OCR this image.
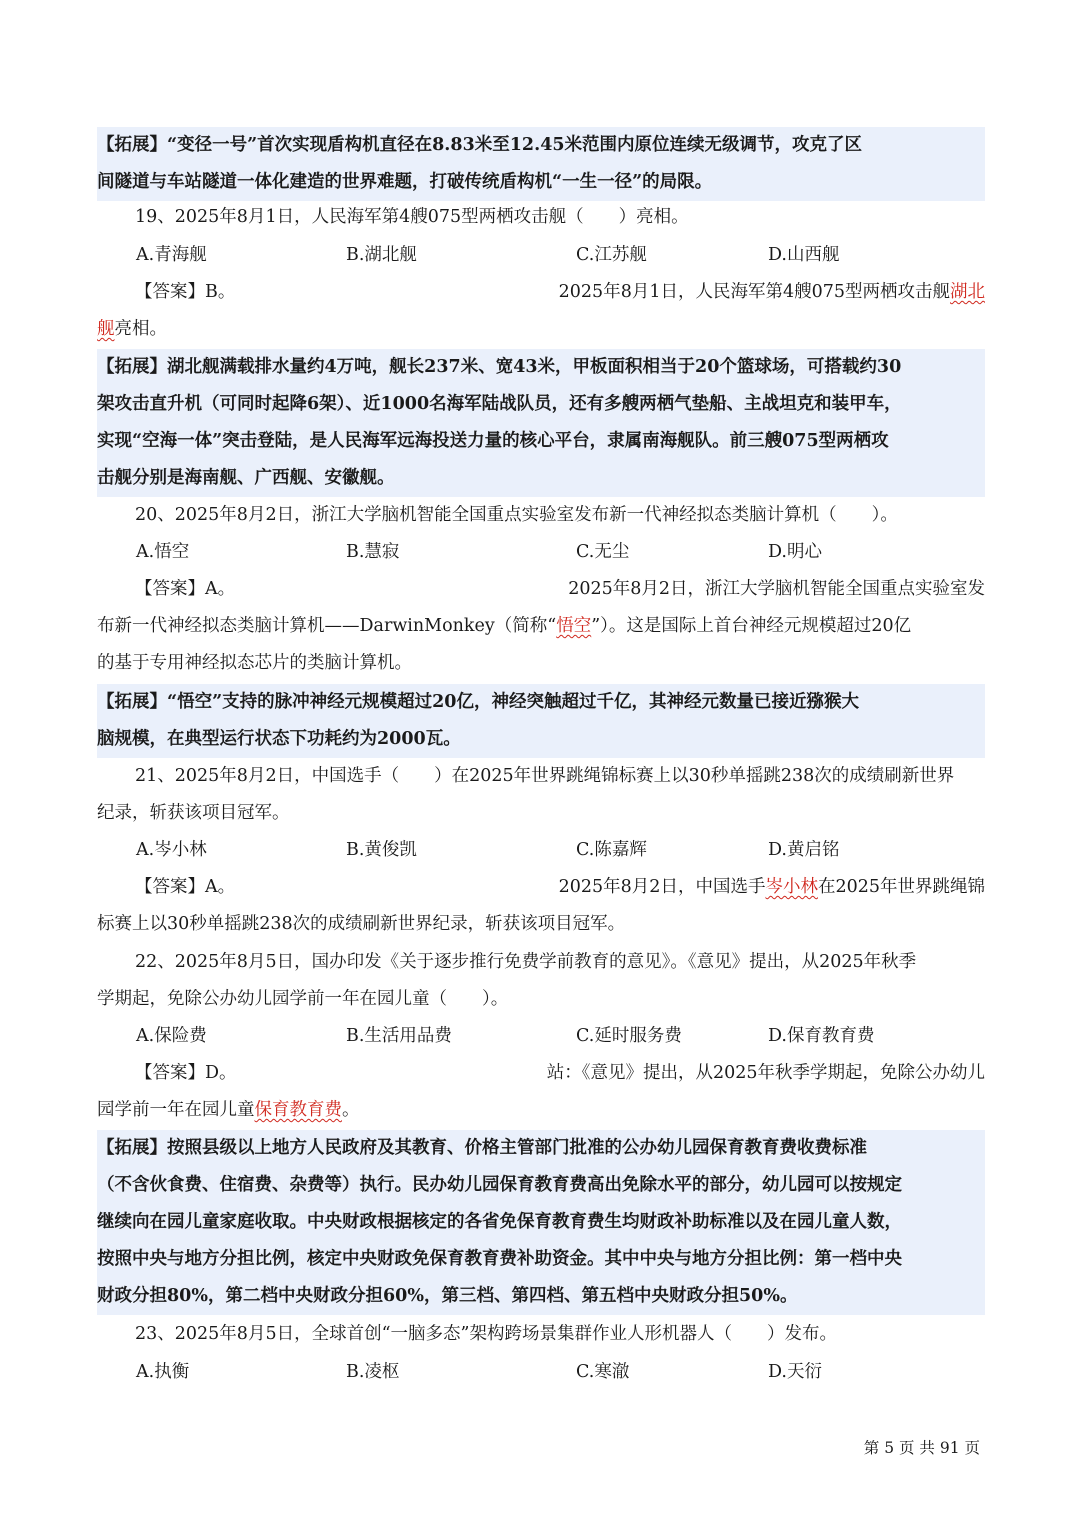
【拓展】“变径一号”首次实现盾构机直径在8.83米至12.45米范围内原位连续无级调节，攻克了区

间隧道与车站隧道一体化建造的世界难题，打破传统盾构机“一生一径”的局限。

19、2025年8月1日，人民海军第4艘075型两栖攻击舰（　　）亮相。

A.青海舰	B.湖北舰	C.江苏舰	D.山西舰
【答案】B。	2025年8月1日，人民海军第4艘075型两栖攻击舰湖北
舰亮相。

【拓展】湖北舰满载排水量约4万吨，舰长237米、宽43米，甲板面积相当于20个篮球场，可搭载约30

架攻击直升机（可同时起降6架）、近1000名海军陆战队员，还有多艘两栖气垫船、主战坦克和装甲车，

实现“空海一体”突击登陆，是人民海军远海投送力量的核心平台，隶属南海舰队。前三艘075型两栖攻

击舰分别是海南舰、广西舰、安徽舰。

20、2025年8月2日，浙江大学脑机智能全国重点实验室发布新一代神经拟态类脑计算机（　　）。

A.悟空	B.慧寂	C.无尘	D.明心
【答案】A。	2025年8月2日，浙江大学脑机智能全国重点实验室发
布新一代神经拟态类脑计算机——DarwinMonkey（简称“悟空”）。这是国际上首台神经元规模超过20亿
的基于专用神经拟态芯片的类脑计算机。

【拓展】“悟空”支持的脉冲神经元规模超过20亿，神经突触超过千亿，其神经元数量已接近猕猴大

脑规模，在典型运行状态下功耗约为2000瓦。

21、2025年8月2日，中国选手（　　）在2025年世界跳绳锦标赛上以30秒单摇跳238次的成绩刷新世界

纪录，斩获该项目冠军。

A.岑小林	B.黄俊凯	C.陈嘉辉	D.黄启铭
【答案】A。	2025年8月2日，中国选手岑小林在2025年世界跳绳锦
标赛上以30秒单摇跳238次的成绩刷新世界纪录，斩获该项目冠军。

22、2025年8月5日，国办印发《关于逐步推行免费学前教育的意见》。《意见》提出，从2025年秋季

学期起，免除公办幼儿园学前一年在园儿童（　　）。

A.保险费	B.生活用品费	C.延时服务费	D.保育教育费
【答案】D。	站：《意见》提出，从2025年秋季学期起，免除公办幼儿
园学前一年在园儿童保育教育费。

【拓展】按照县级以上地方人民政府及其教育、价格主管部门批准的公办幼儿园保育教育费收费标准

（不含伙食费、住宿费、杂费等）执行。民办幼儿园保育教育费高出免除水平的部分，幼儿园可以按规定

继续向在园儿童家庭收取。中央财政根据核定的各省免保育教育费生均财政补助标准以及在园儿童人数，

按照中央与地方分担比例，核定中央财政免保育教育费补助资金。其中中央与地方分担比例：第一档中央

财政分担80%，第二档中央财政分担60%，第三档、第四档、第五档中央财政分担50%。

23、2025年8月5日，全球首创“一脑多态”架构跨场景集群作业人形机器人（　　）发布。

A.执衡	B.凌枢	C.寒澈	D.天衍
第 5 页 共 91 页
